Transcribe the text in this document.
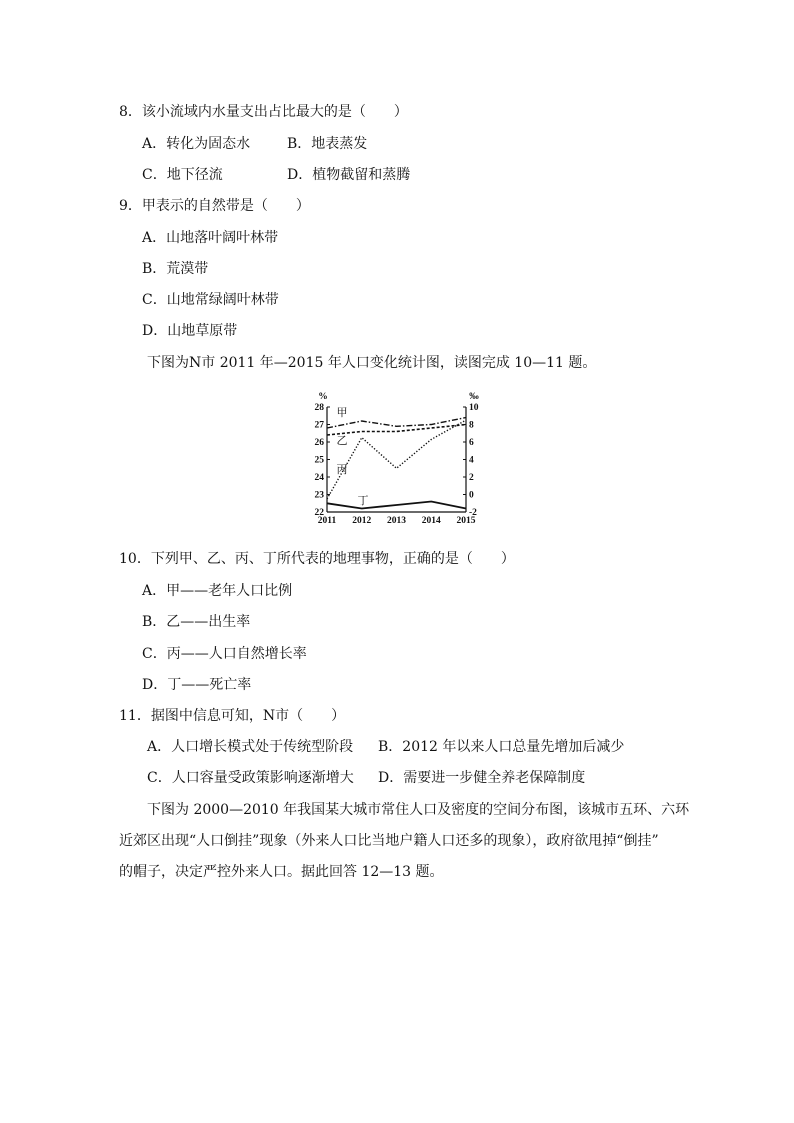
8．该小流域内水量支出占比最大的是（　　）
A．转化为固态水	B．地表蒸发
C．地下径流	D．植物截留和蒸腾
9．甲表示的自然带是（　　）
A．山地落叶阔叶林带
B．荒漠带
C．山地常绿阔叶林带
D．山地草原带
下图为N市 2011 年—2015 年人口变化统计图，读图完成 10—11 题。
%	‰
28
27
26
25
24
23
22
10
8
6
4
2
0
-2
2011 2012 2013 2014 2015
甲
乙
丙
丁
10．下列甲、乙、丙、丁所代表的地理事物，正确的是（　　）
A．甲——老年人口比例
B．乙——出生率
C．丙——人口自然增长率
D．丁——死亡率
11．据图中信息可知，N市（　　）
A．人口增长模式处于传统型阶段 B．2012 年以来人口总量先增加后减少
C．人口容量受政策影响逐渐增大 D．需要进一步健全养老保障制度
下图为 2000—2010 年我国某大城市常住人口及密度的空间分布图，该城市五环、六环
近郊区出现“人口倒挂”现象（外来人口比当地户籍人口还多的现象），政府欲甩掉“倒挂”
的帽子，决定严控外来人口。据此回答 12—13 题。
